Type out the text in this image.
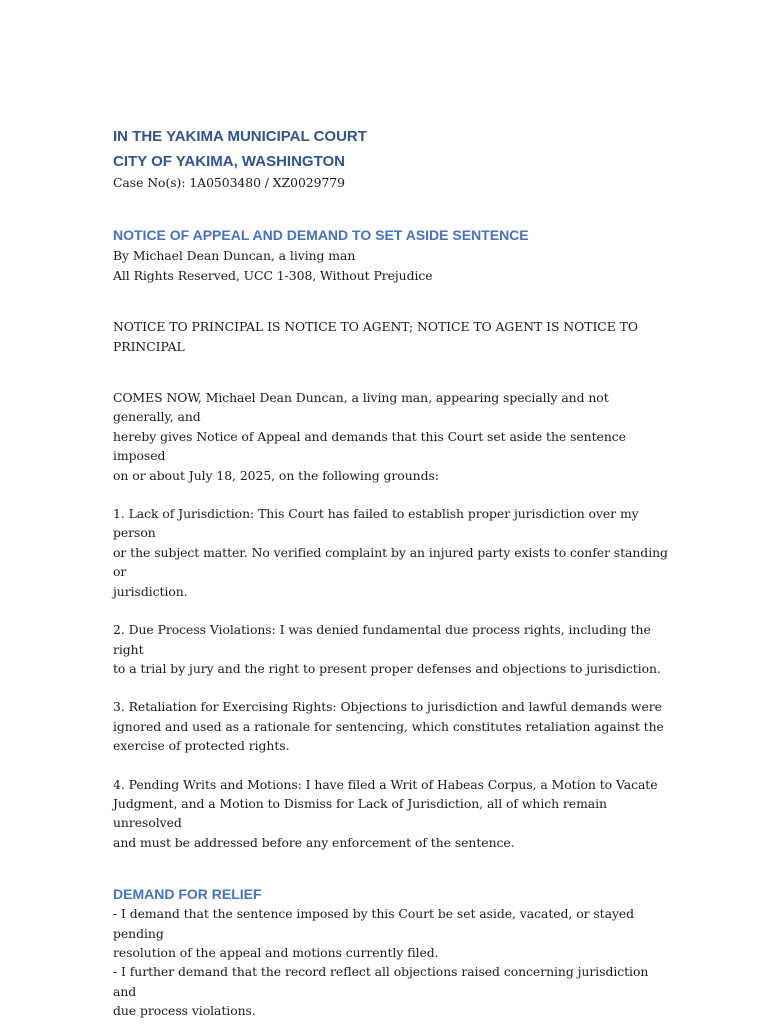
IN THE YAKIMA MUNICIPAL COURT

CITY OF YAKIMA, WASHINGTON

Case No(s): 1A0503480 / XZ0029779

NOTICE OF APPEAL AND DEMAND TO SET ASIDE SENTENCE

By Michael Dean Duncan, a living man

All Rights Reserved, UCC 1-308, Without Prejudice

NOTICE TO PRINCIPAL IS NOTICE TO AGENT; NOTICE TO AGENT IS NOTICE TO PRINCIPAL

COMES NOW, Michael Dean Duncan, a living man, appearing specially and not generally, and

hereby gives Notice of Appeal and demands that this Court set aside the sentence imposed

on or about July 18, 2025, on the following grounds:

1. Lack of Jurisdiction: This Court has failed to establish proper jurisdiction over my person

or the subject matter. No verified complaint by an injured party exists to confer standing or

jurisdiction.

2. Due Process Violations: I was denied fundamental due process rights, including the right

to a trial by jury and the right to present proper defenses and objections to jurisdiction.

3. Retaliation for Exercising Rights: Objections to jurisdiction and lawful demands were

ignored and used as a rationale for sentencing, which constitutes retaliation against the

exercise of protected rights.

4. Pending Writs and Motions: I have filed a Writ of Habeas Corpus, a Motion to Vacate

Judgment, and a Motion to Dismiss for Lack of Jurisdiction, all of which remain unresolved

and must be addressed before any enforcement of the sentence.

DEMAND FOR RELIEF

- I demand that the sentence imposed by this Court be set aside, vacated, or stayed pending

resolution of the appeal and motions currently filed.

- I further demand that the record reflect all objections raised concerning jurisdiction and

due process violations.
